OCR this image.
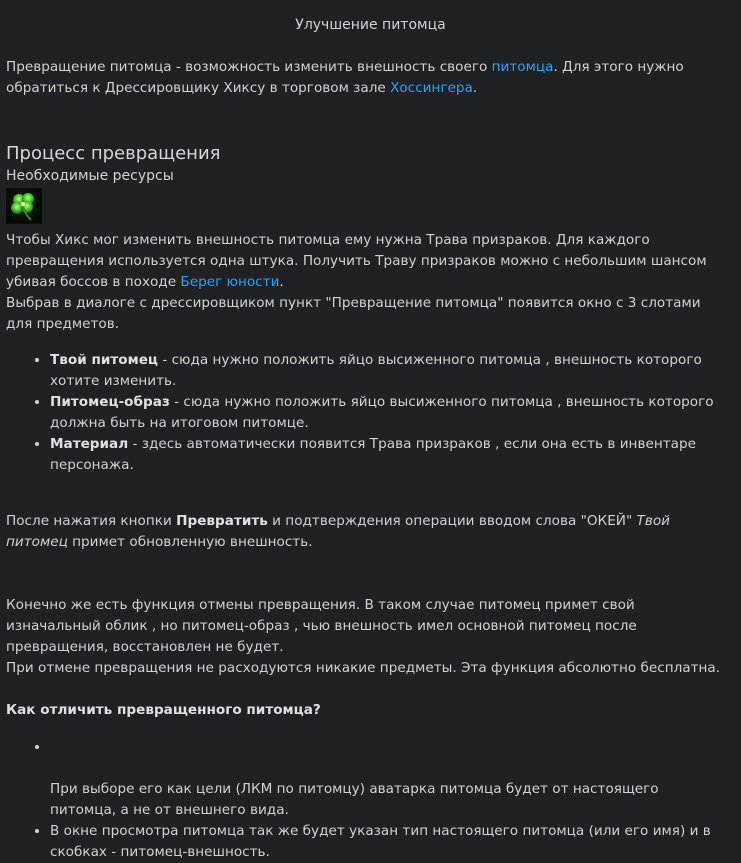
Улучшение питомца
Превращение питомца - возможность изменить внешность своего питомца. Для этого нужно обратиться к Дрессировщику Хиксу в торговом зале Хоссингера.
Процесс превращения
Необходимые ресурсы
Чтобы Хикс мог изменить внешность питомца ему нужна Трава призраков. Для каждого превращения используется одна штука. Получить Траву призраков можно с небольшим шансом убивая боссов в походе Берег юности.
Выбрав в диалоге с дрессировщиком пункт "Превращение питомца" появится окно с 3 слотами для предметов.
• Твой питомец - сюда нужно положить яйцо высиженного питомца , внешность которого хотите изменить.
• Питомец-образ - сюда нужно положить яйцо высиженного питомца , внешность которого должна быть на итоговом питомце.
• Материал - здесь автоматически появится Трава призраков , если она есть в инвентаре персонажа.
После нажатия кнопки Превратить и подтверждения операции вводом слова "ОКЕЙ" Твой питомец примет обновленную внешность.
Конечно же есть функция отмены превращения. В таком случае питомец примет свой изначальный облик , но питомец-образ , чью внешность имел основной питомец после превращения, восстановлен не будет.
При отмене превращения не расходуются никакие предметы. Эта функция абсолютно бесплатна.
Как отличить превращенного питомца?
•

При выборе его как цели (ЛКМ по питомцу) аватарка питомца будет от настоящего питомца, а не от внешнего вида.
• В окне просмотра питомца так же будет указан тип настоящего питомца (или его имя) и в скобках - питомец-внешность.
